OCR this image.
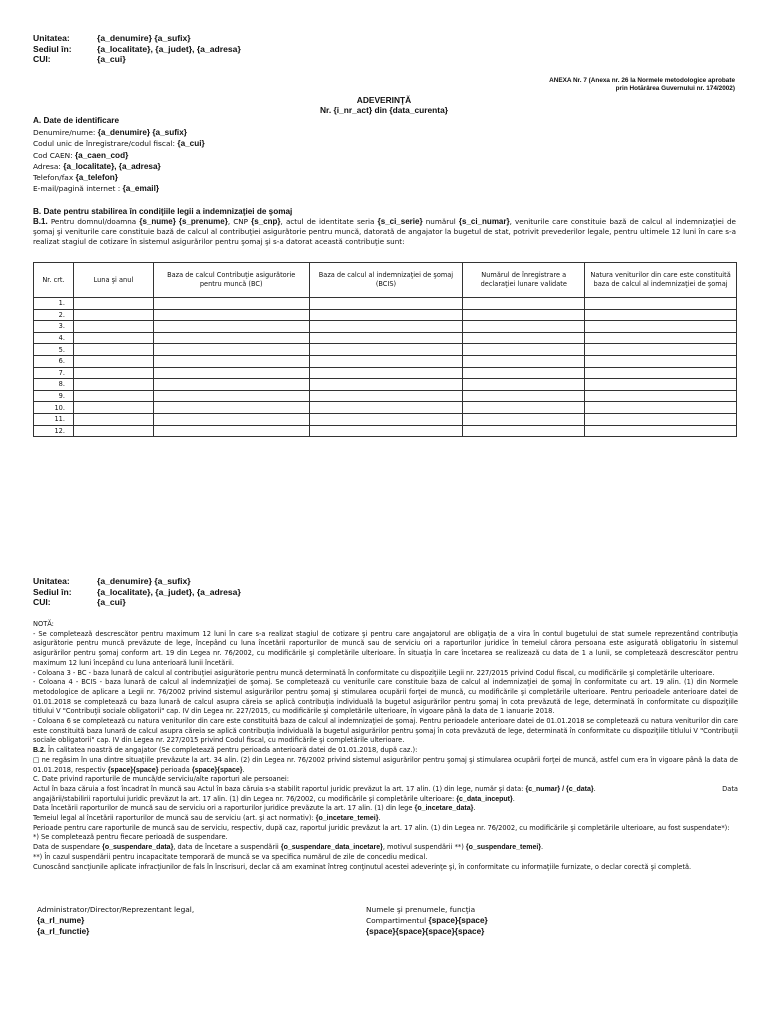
Unitatea:	{a_denumire} {a_sufix}
Sediul în:	{a_localitate}, {a_judet}, {a_adresa}
CUI:	{a_cui}
ANEXA Nr. 7 (Anexa nr. 26 la Normele metodologice aprobate
prin Hotărârea Guvernului nr. 174/2002)
ADEVERINŢĂ
Nr. {i_nr_act} din {data_curenta}
A. Date de identificare
Denumire/nume: {a_denumire} {a_sufix}
Codul unic de înregistrare/codul fiscal: {a_cui}
Cod CAEN: {a_caen_cod}
Adresa: {a_localitate}, {a_adresa}
Telefon/fax {a_telefon}
E-mail/pagină internet : {a_email}
B. Date pentru stabilirea în condiţiile legii a indemnizaţiei de şomaj
B.1. Pentru domnul/doamna {s_nume} {s_prenume}, CNP {s_cnp}, actul de identitate seria {s_ci_serie} numărul {s_ci_numar}, veniturile care constituie bază de calcul al indemnizaţiei de şomaj şi veniturile care constituie bază de calcul al contribuţiei asigurătorie pentru muncă, datorată de angajator la bugetul de stat, potrivit prevederilor legale, pentru ultimele 12 luni în care s-a realizat stagiul de cotizare în sistemul asigurărilor pentru şomaj şi s-a datorat această contribuţie sunt:
Nr. crt.	Luna şi anul	Baza de calcul Contribuţie asigurătorie pentru muncă (BC)	Baza de calcul al indemnizaţiei de şomaj (BCIS)	Numărul de înregistrare a declaraţiei lunare validate	Natura veniturilor din care este constituită baza de calcul al indemnizaţiei de şomaj
1.					
2.					
3.					
4.					
5.					
6.					
7.					
8.					
9.					
10.					
11.					
12.					
Unitatea:	{a_denumire} {a_sufix}
Sediul în:	{a_localitate}, {a_judet}, {a_adresa}
CUI:	{a_cui}

NOTĂ:

- Se completează descrescător pentru maximum 12 luni în care s-a realizat stagiul de cotizare şi pentru care angajatorul are obligaţia de a vira în contul bugetului de stat sumele reprezentând contribuţia asigurătorie pentru muncă prevăzute de lege, începând cu luna încetării raporturilor de muncă sau de serviciu ori a raporturilor juridice în temeiul cărora persoana este asigurată obligatoriu în sistemul asigurărilor pentru şomaj conform art. 19 din Legea nr. 76/2002, cu modificările şi completările ulterioare. În situaţia în care încetarea se realizează cu data de 1 a lunii, se completează descrescător pentru maximum 12 luni începând cu luna anterioară lunii încetării.

- Coloana 3 - BC - baza lunară de calcul al contribuţiei asigurătorie pentru muncă determinată în conformitate cu dispoziţiile Legii nr. 227/2015 privind Codul fiscal, cu modificările şi completările ulterioare.

- Coloana 4 - BCIS - baza lunară de calcul al indemnizaţiei de şomaj. Se completează cu veniturile care constituie baza de calcul al indemnizaţiei de şomaj în conformitate cu art. 19 alin. (1) din Normele metodologice de aplicare a Legii nr. 76/2002 privind sistemul asigurărilor pentru şomaj şi stimularea ocupării forţei de muncă, cu modificările şi completările ulterioare. Pentru perioadele anterioare datei de 01.01.2018 se completează cu baza lunară de calcul asupra căreia se aplică contribuţia individuală la bugetul asigurărilor pentru şomaj în cota prevăzută de lege, determinată în conformitate cu dispoziţiile titlului V "Contribuţii sociale obligatorii" cap. IV din Legea nr. 227/2015, cu modificările şi completările ulterioare, în vigoare până la data de 1 ianuarie 2018.

- Coloana 6 se completează cu natura veniturilor din care este constituită baza de calcul al indemnizaţiei de şomaj. Pentru perioadele anterioare datei de 01.01.2018 se completează cu natura veniturilor din care este constituită baza lunară de calcul asupra căreia se aplică contribuţia individuală la bugetul asigurărilor pentru şomaj în cota prevăzută de lege, determinată în conformitate cu dispoziţiile titlului V "Contribuţii sociale obligatorii" cap. IV din Legea nr. 227/2015 privind Codul fiscal, cu modificările şi completările ulterioare.

B.2. În calitatea noastră de angajator (Se completează pentru perioada anterioară datei de 01.01.2018, după caz.):

□ ne regăsim în una dintre situaţiile prevăzute la art. 34 alin. (2) din Legea nr. 76/2002 privind sistemul asigurărilor pentru şomaj şi stimularea ocupării forţei de muncă, astfel cum era în vigoare până la data de 01.01.2018, respectiv {space}{space} perioada {space}{space}.

C. Date privind raporturile de muncă/de serviciu/alte raporturi ale persoanei:

Actul în baza căruia a fost încadrat în muncă sau Actul în baza căruia s-a stabilit raportul juridic prevăzut la art. 17 alin. (1) din lege, număr şi data: {c_numar} / {c_data}.	Data

angajării/stabilirii raportului juridic prevăzut la art. 17 alin. (1) din Legea nr. 76/2002, cu modificările şi completările ulterioare: {c_data_inceput}.

Data încetării raporturilor de muncă sau de serviciu ori a raporturilor juridice prevăzute la art. 17 alin. (1) din lege {o_incetare_data}.

Temeiul legal al încetării raporturilor de muncă sau de serviciu (art. şi act normativ): {o_incetare_temei}.

Perioade pentru care raporturile de muncă sau de serviciu, respectiv, după caz, raportul juridic prevăzut la art. 17 alin. (1) din Legea nr. 76/2002, cu modificările şi completările ulterioare, au fost suspendate*):

*) Se completează pentru fiecare perioadă de suspendare.

Data de suspendare {o_suspendare_data}, data de încetare a suspendării {o_suspendare_data_incetare}, motivul suspendării **) {o_suspendare_temei}.

**) În cazul suspendării pentru incapacitate temporară de muncă se va specifica numărul de zile de concediu medical.

Cunoscând sancţiunile aplicate infracţiunilor de fals în înscrisuri, declar că am examinat întreg conţinutul acestei adeverinţe şi, în conformitate cu informaţiile furnizate, o declar corectă şi completă.

Administrator/Director/Reprezentant legal,
{a_rl_nume}
{a_rl_functie}
Numele şi prenumele, funcţia
Compartimentul {space}{space}
{space}{space}{space}{space}
